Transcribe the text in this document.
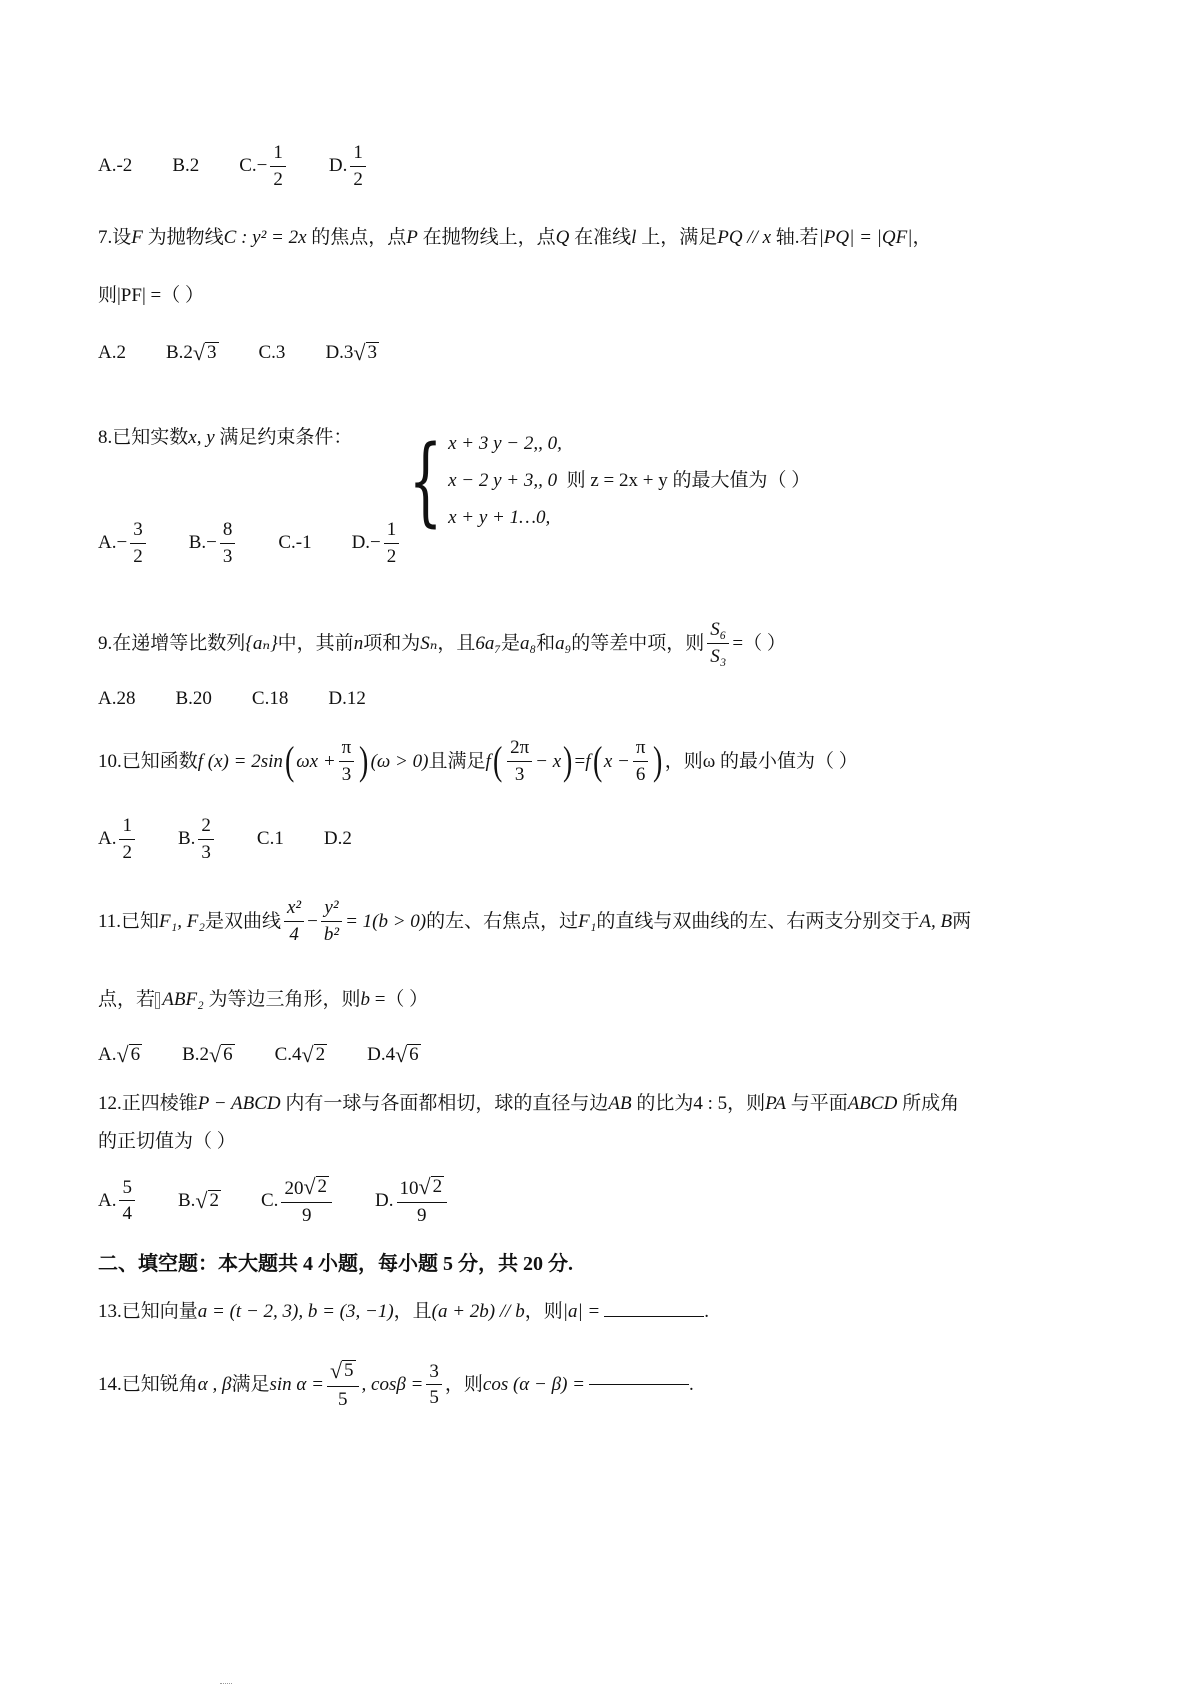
A.-2 B.2 $C.- \frac{1}{2} D$. $\frac{1}{2}$
7.设F 为抛物线C : y² = 2x 的焦点，点P 在抛物线上，点Q 在准线l 上，满足PQ // x 轴.若|PQ| = |QF|，
则|PF| =（ ）
A.2 B. 2 √ 3 C.3 D. 3 √ 3
8.已知实数x, y 满足约束条件： { x + 3 y − 2,, 0,
x − 2 y + 3,, 0 则 z = 2x + y 的最大值为（ ）
x + y + 1…0,
$A.- \frac{3}{2} B.- \frac{8}{3} C.-1$ $D.- \frac{1}{2}$
9.在递增等比数列 {aₙ} 中，其前 n 项和为 Sₙ ，且 6a₇ 是 a₈ 和 a₉ 的等差中项，则 $\frac{\text{S₆}}{\text{S₃}}$ =（ ）
A.28 B.20 C.18 D.12
10.已知函数 f (x) = 2sin ( $\omega x + \frac{\pi}{3}$ ) (ω > 0) 且满足 f ( $\frac{2\pi}{3} - x$ ) = f ( $x - \frac{\pi}{6}$ ) ，则ω 的最小值为（ ）
A. $\frac{1}{2} B$. $\frac{2}{3} C.1$ D.2
11.已知 F₁, F₂ 是双曲线 $\frac{\text{x²}}{4} - \frac{\text{y²}}{\text{b²}} = 1(b > 0)$ 的左、右焦点，过 F₁ 的直线与双曲线的左、右两支分别交于 A, B 两
点，若 ABF₂ 为等边三角形，则b =（ ）
A. √ 6 B. 2 √ 6 C. 4 √ 2 D. 4 √ 6
12.正四棱锥P − ABCD 内有一球与各面都相切，球的直径与边AB 的比为4 : 5，则PA 与平面ABCD 所成角
的正切值为（ ）
A. $\frac{5}{4} B$. √ 2 C. $\frac{20 √ 2}{9} D$. $\frac{10 √ 2}{9}$
二、填空题：本大题共 4 小题，每小题 5 分，共 20 分.
13.已知向量a = (t − 2, 3), b = (3, −1)，且(a + 2b) // b，则|a| =	.
14.已知锐角 α , β 满足 $\sin \alpha = \frac{√ 5}{5}$ , $\cos\beta = \frac{3}{5}$ ，则 cos (α − β) =	.
